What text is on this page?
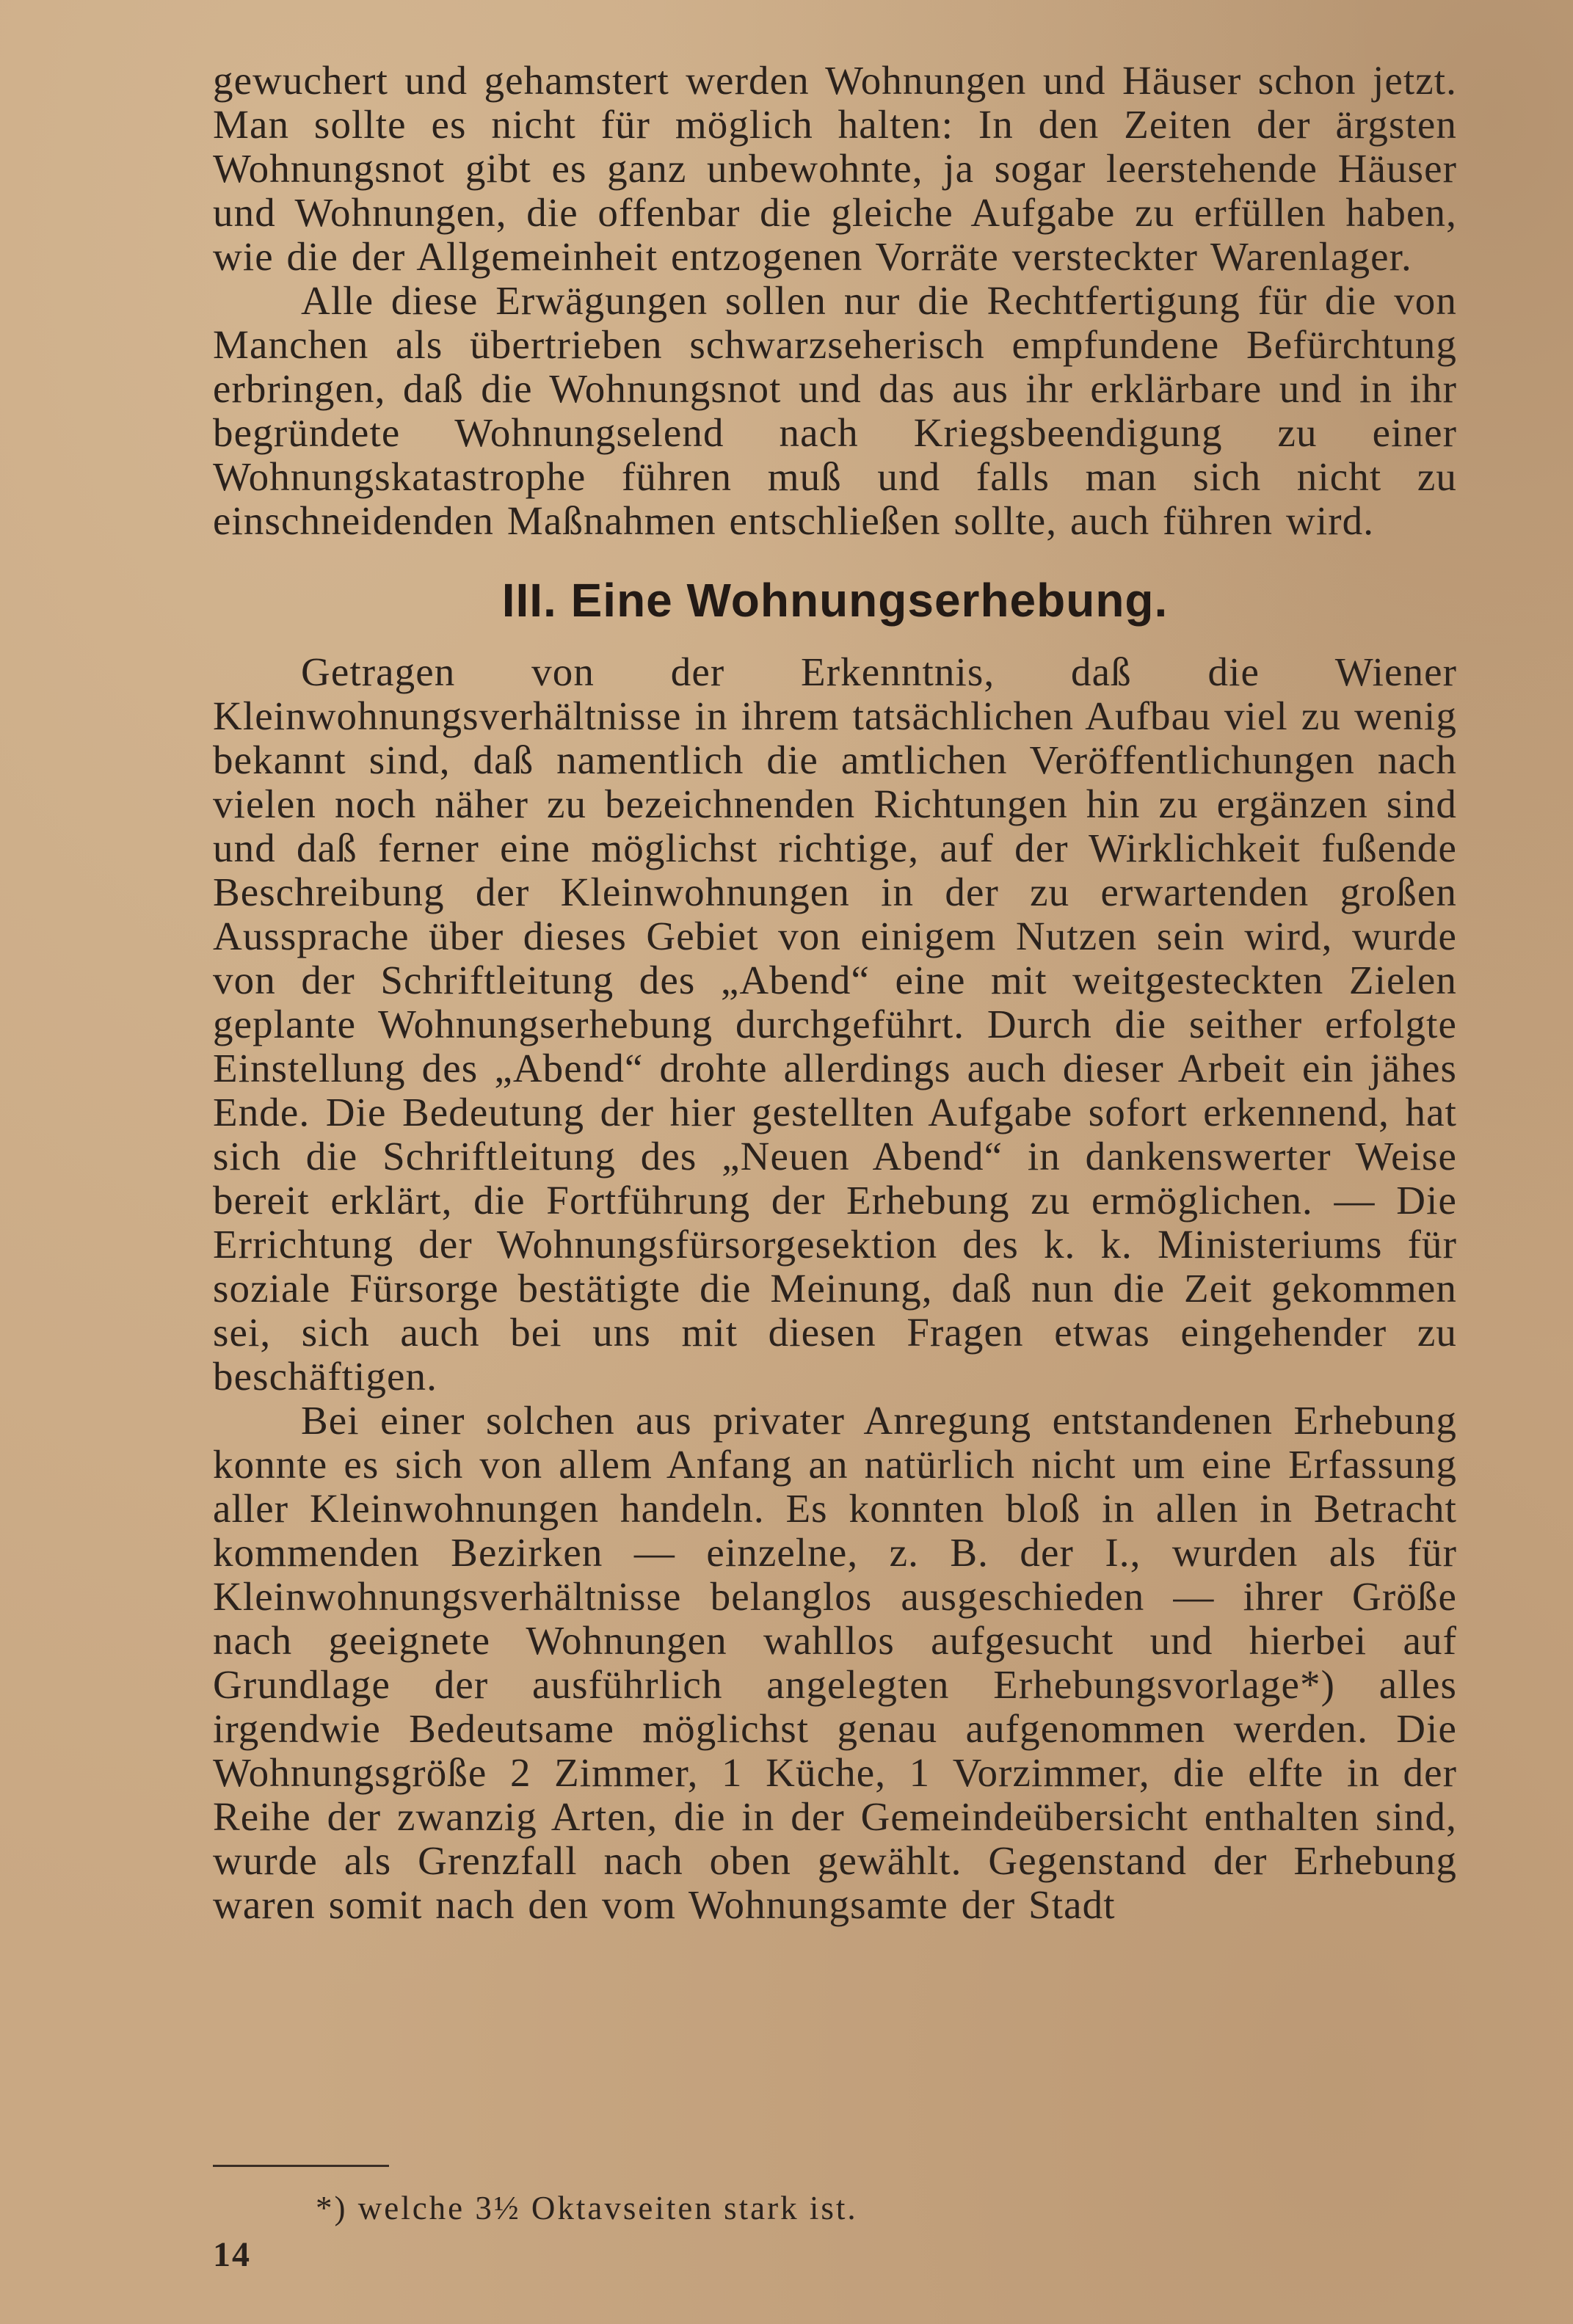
gewuchert und gehamstert werden Wohnungen und Häuser schon jetzt. Man sollte es nicht für möglich halten: In den Zeiten der ärgsten Wohnungsnot gibt es ganz unbewohnte, ja sogar leerstehende Häuser und Wohnungen, die offenbar die gleiche Aufgabe zu erfüllen haben, wie die der Allgemeinheit entzogenen Vorräte versteckter Warenlager.

Alle diese Erwägungen sollen nur die Rechtfertigung für die von Manchen als übertrieben schwarzseherisch empfundene Befürchtung erbringen, daß die Wohnungsnot und das aus ihr erklärbare und in ihr begründete Wohnungselend nach Kriegsbeendigung zu einer Wohnungskatastrophe führen muß und falls man sich nicht zu einschneidenden Maßnahmen entschließen sollte, auch führen wird.

III. Eine Wohnungserhebung.

Getragen von der Erkenntnis, daß die Wiener Kleinwohnungsverhältnisse in ihrem tatsächlichen Aufbau viel zu wenig bekannt sind, daß namentlich die amtlichen Veröffentlichungen nach vielen noch näher zu bezeichnenden Richtungen hin zu ergänzen sind und daß ferner eine möglichst richtige, auf der Wirklichkeit fußende Beschreibung der Kleinwohnungen in der zu erwartenden großen Aussprache über dieses Gebiet von einigem Nutzen sein wird, wurde von der Schriftleitung des „Abend“ eine mit weitgesteckten Zielen geplante Wohnungserhebung durchgeführt. Durch die seither erfolgte Einstellung des „Abend“ drohte allerdings auch dieser Arbeit ein jähes Ende. Die Bedeutung der hier gestellten Aufgabe sofort erkennend, hat sich die Schriftleitung des „Neuen Abend“ in dankenswerter Weise bereit erklärt, die Fortführung der Erhebung zu ermöglichen. — Die Errichtung der Wohnungsfürsorgesektion des k. k. Ministeriums für soziale Fürsorge bestätigte die Meinung, daß nun die Zeit gekommen sei, sich auch bei uns mit diesen Fragen etwas eingehender zu beschäftigen.

Bei einer solchen aus privater Anregung entstandenen Erhebung konnte es sich von allem Anfang an natürlich nicht um eine Erfassung aller Kleinwohnungen handeln. Es konnten bloß in allen in Betracht kommenden Bezirken — einzelne, z. B. der I., wurden als für Kleinwohnungsverhältnisse belanglos ausgeschieden — ihrer Größe nach geeignete Wohnungen wahllos aufgesucht und hierbei auf Grundlage der ausführlich angelegten Erhebungsvorlage*) alles irgendwie Bedeutsame möglichst genau aufgenommen werden. Die Wohnungsgröße 2 Zimmer, 1 Küche, 1 Vorzimmer, die elfte in der Reihe der zwanzig Arten, die in der Gemeindeübersicht enthalten sind, wurde als Grenzfall nach oben gewählt. Gegenstand der Erhebung waren somit nach den vom Wohnungsamte der Stadt

*) welche 3½ Oktavseiten stark ist.

14
